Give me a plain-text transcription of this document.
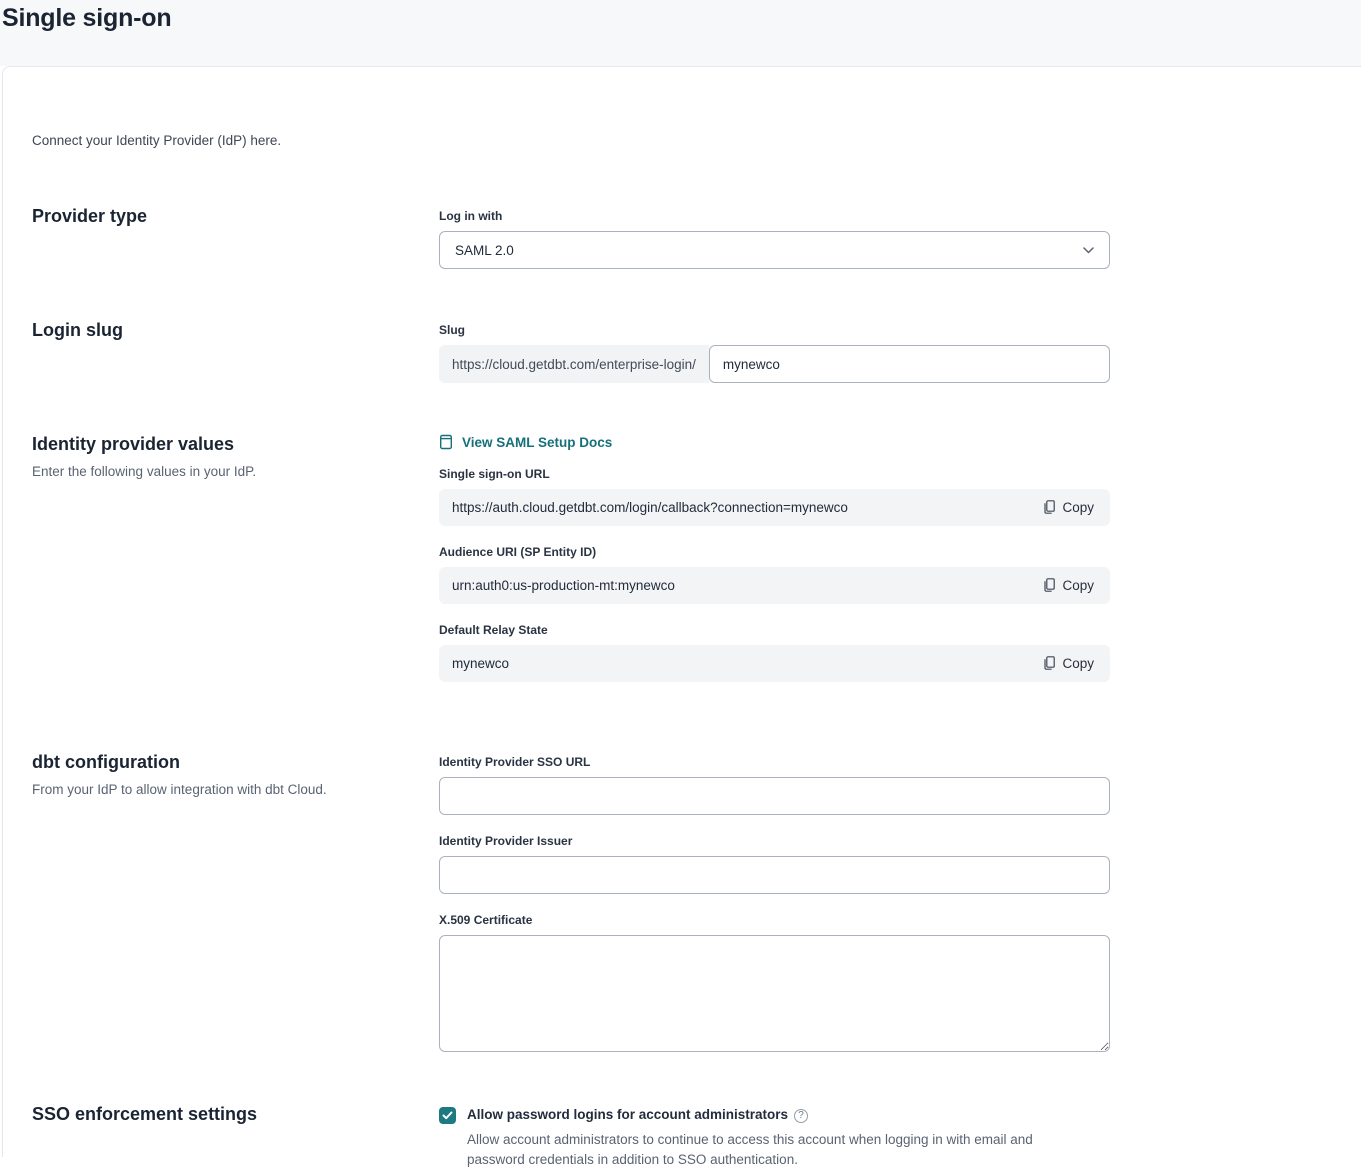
Single sign-on
Connect your Identity Provider (IdP) here.
Provider type	Log in with
SAML 2.0
Login slug	Slug
https://cloud.getdbt.com/enterprise-login/
mynewco
Identity provider values
Enter the following values in your IdP.
View SAML Setup Docs
Single sign-on URL
https://auth.cloud.getdbt.com/login/callback?connection=mynewco	Copy
Audience URI (SP Entity ID)
urn:auth0:us-production-mt:mynewco	Copy
Default Relay State
mynewco	Copy
dbt configuration
From your IdP to allow integration with dbt Cloud.
Identity Provider SSO URL
Identity Provider Issuer
X.509 Certificate
SSO enforcement settings	Allow password logins for account administrators ?
Allow account administrators to continue to access this account when logging in with email and password credentials in addition to SSO authentication.
